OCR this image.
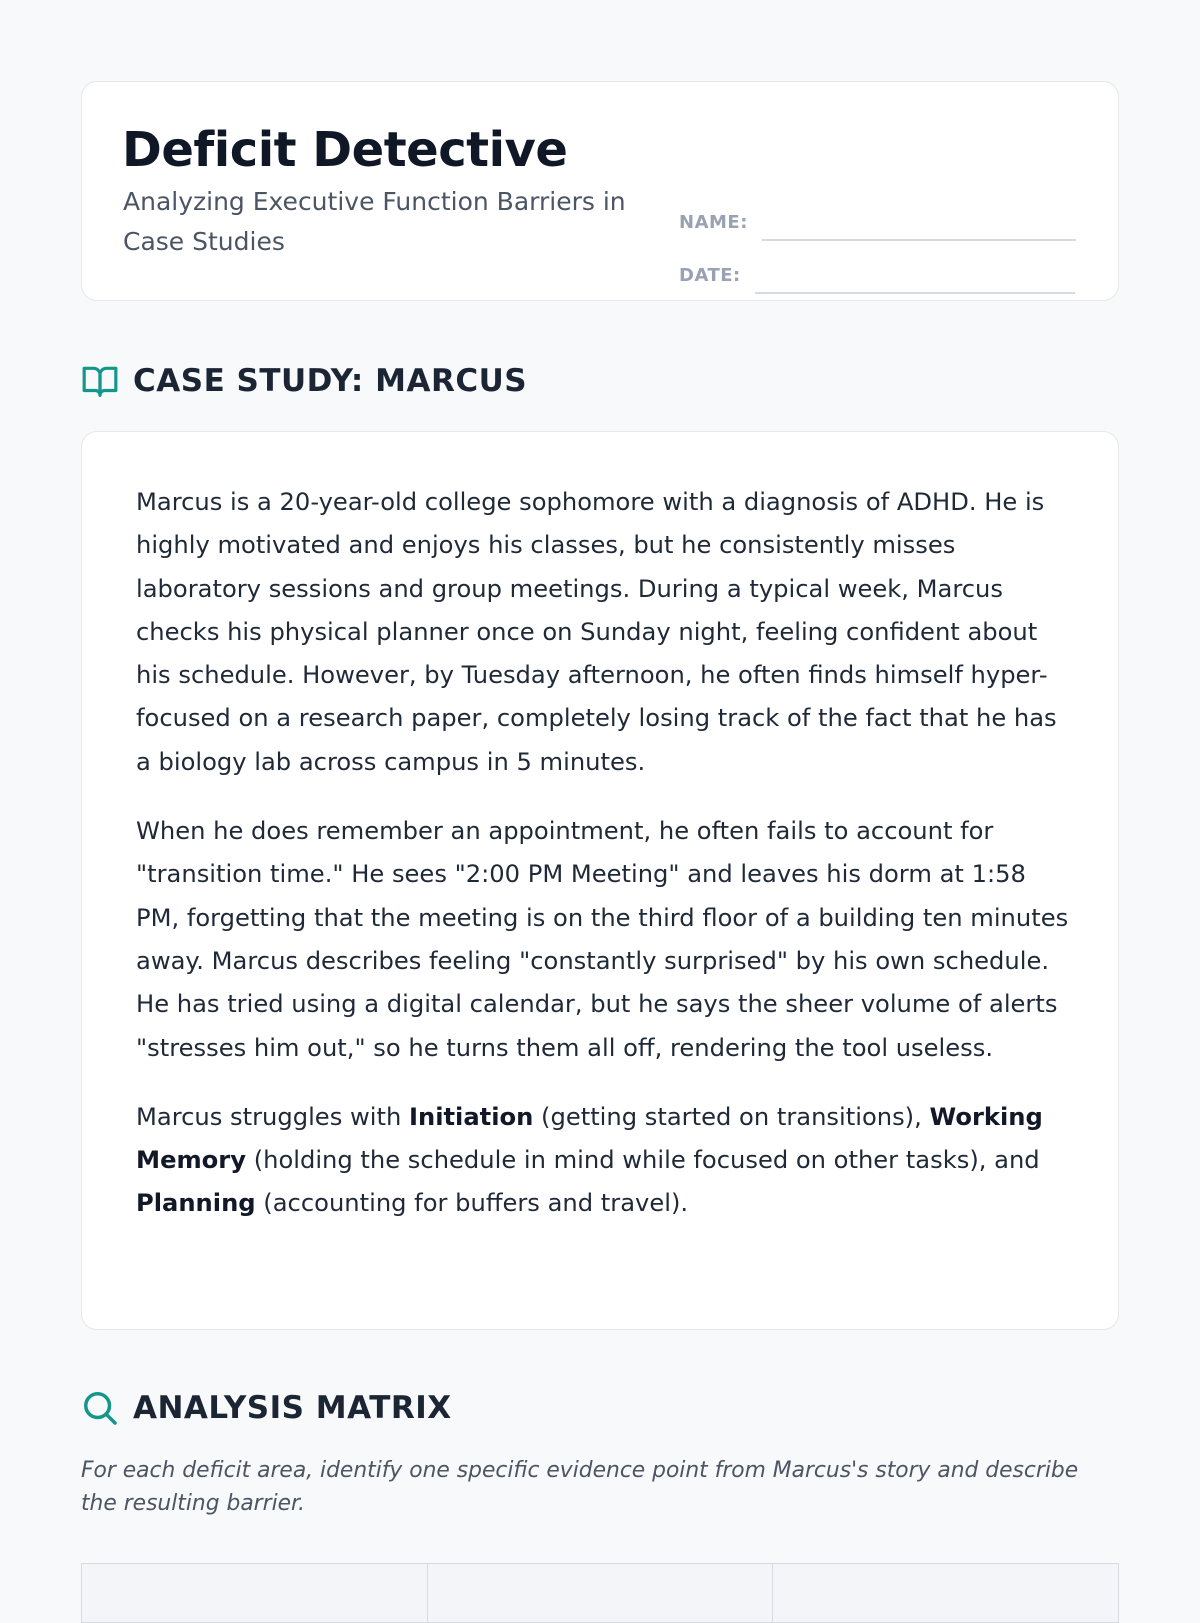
Deficit Detective

Analyzing Executive Function Barriers in Case Studies

NAME:
DATE:
CASE STUDY: MARCUS

Marcus is a 20-year-old college sophomore with a diagnosis of ADHD. He is highly motivated and enjoys his classes, but he consistently misses laboratory sessions and group meetings. During a typical week, Marcus checks his physical planner once on Sunday night, feeling confident about his schedule. However, by Tuesday afternoon, he often finds himself hyper-focused on a research paper, completely losing track of the fact that he has a biology lab across campus in 5 minutes.

When he does remember an appointment, he often fails to account for "transition time." He sees "2:00 PM Meeting" and leaves his dorm at 1:58 PM, forgetting that the meeting is on the third floor of a building ten minutes away. Marcus describes feeling "constantly surprised" by his own schedule. He has tried using a digital calendar, but he says the sheer volume of alerts "stresses him out," so he turns them all off, rendering the tool useless.

Marcus struggles with Initiation (getting started on transitions), Working Memory (holding the schedule in mind while focused on other tasks), and Planning (accounting for buffers and travel).

ANALYSIS MATRIX

For each deficit area, identify one specific evidence point from Marcus's story and describe the resulting barrier.
